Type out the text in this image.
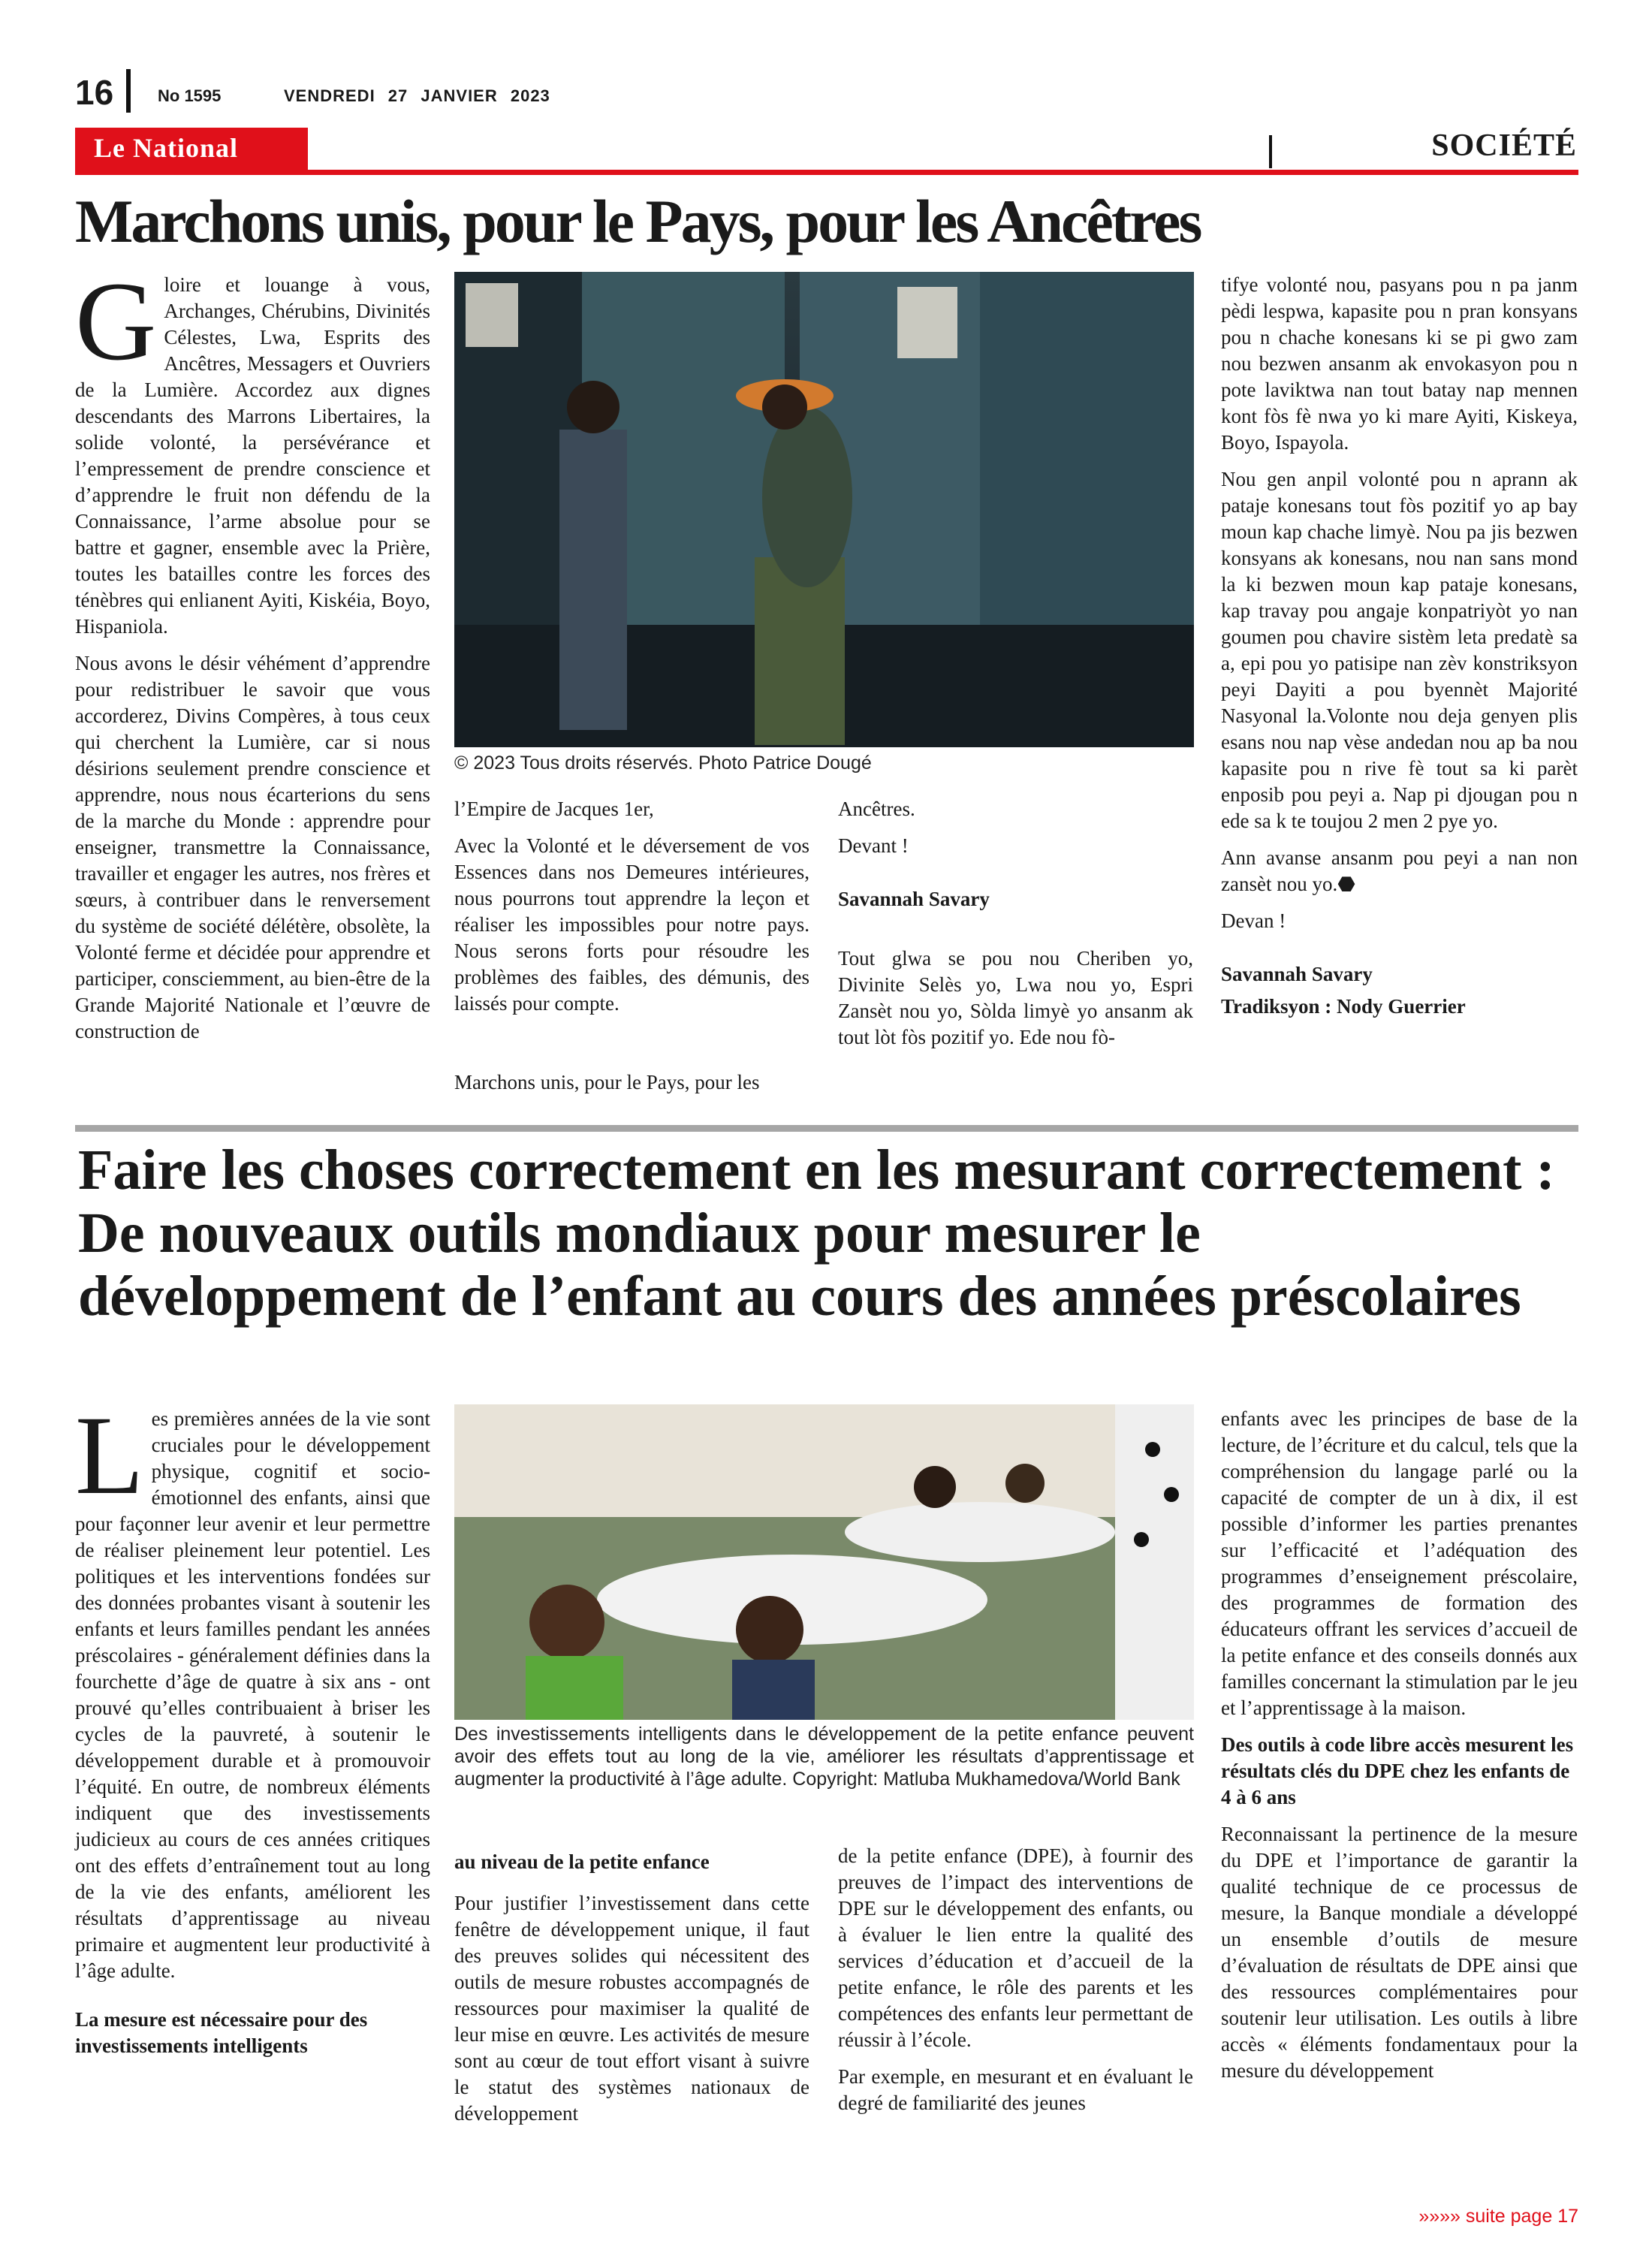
16	No 1595	VENDREDI 27 JANVIER 2023
Le National	SOCIÉTÉ
Marchons unis, pour le Pays, pour les Ancêtres

Gloire et louange à vous, Archanges, Chérubins, Divinités Célestes, Lwa, Esprits des Ancêtres, Messagers et Ouvriers de la Lumière. Accordez aux dignes descendants des Marrons Libertaires, la solide volonté, la persévérance et l’empressement de prendre conscience et d’apprendre le fruit non défendu de la Connaissance, l’arme absolue pour se battre et gagner, ensemble avec la Prière, toutes les batailles contre les forces des ténèbres qui enlianent Ayiti, Kiskéia, Boyo, Hispaniola.

Nous avons le désir véhément d’apprendre pour redistribuer le savoir que vous accorderez, Divins Compères, à tous ceux qui cherchent la Lumière, car si nous désirions seulement prendre conscience et apprendre, nous nous écarterions du sens de la marche du Monde : apprendre pour enseigner, transmettre la Connaissance, travailler et engager les autres, nos frères et sœurs, à contribuer dans le renversement du système de société délétère, obsolète, la Volonté ferme et décidée pour apprendre et participer, consciemment, au bien-être de la Grande Majorité Nationale et l’œuvre de construction de

© 2023 Tous droits réservés. Photo Patrice Dougé

l’Empire de Jacques 1er,

Avec la Volonté et le déversement de vos Essences dans nos Demeures intérieures, nous pourrons tout apprendre la leçon et réaliser les impossibles pour notre pays. Nous serons forts pour résoudre les problèmes des faibles, des démunis, des laissés pour compte.

Marchons unis, pour le Pays, pour les

Ancêtres.

Devant !

Savannah Savary

Tout glwa se pou nou Cheriben yo, Divinite Selès yo, Lwa nou yo, Espri Zansèt nou yo, Sòlda limyè yo ansanm ak tout lòt fòs pozitif yo. Ede nou fò-

tifye volonté nou, pasyans pou n pa janm pèdi lespwa, kapasite pou n pran konsyans pou n chache konesans ki se pi gwo zam nou bezwen ansanm ak envokasyon pou n pote laviktwa nan tout batay nap mennen kont fòs fè nwa yo ki mare Ayiti, Kiskeya, Boyo, Ispayola.

Nou gen anpil volonté pou n aprann ak pataje konesans tout fòs pozitif yo ap bay moun kap chache limyè. Nou pa jis bezwen konsyans ak konesans, nou nan sans mond la ki bezwen moun kap pataje konesans, kap travay pou angaje konpatriyòt yo nan goumen pou chavire sistèm leta predatè sa a, epi pou yo patisipe nan zèv konstriksyon peyi Dayiti a pou byennèt Majorité Nasyonal la.Volonte nou deja genyen plis esans nou nap vèse andedan nou ap ba nou kapasite pou n rive fè tout sa ki parèt enposib pou peyi a. Nap pi djougan pou n ede sa k te toujou 2 men 2 pye yo.

Ann avanse ansanm pou peyi a nan non zansèt nou yo.⬣

Devan !

Savannah Savary

Tradiksyon : Nody Guerrier

Faire les choses correctement en les mesurant correctement : De nouveaux outils mondiaux pour mesurer le développement de l’enfant au cours des années préscolaires

Les premières années de la vie sont cruciales pour le développement physique, cognitif et socio-émotionnel des enfants, ainsi que pour façonner leur avenir et leur permettre de réaliser pleinement leur potentiel. Les politiques et les interventions fondées sur des données probantes visant à soutenir les enfants et leurs familles pendant les années préscolaires - généralement définies dans la fourchette d’âge de quatre à six ans - ont prouvé qu’elles contribuaient à briser les cycles de la pauvreté, à soutenir le développement durable et à promouvoir l’équité. En outre, de nombreux éléments indiquent que des investissements judicieux au cours de ces années critiques ont des effets d’entraînement tout au long de la vie des enfants, améliorent les résultats d’apprentissage au niveau primaire et augmentent leur productivité à l’âge adulte.

La mesure est nécessaire pour des investissements intelligents

Des investissements intelligents dans le développement de la petite enfance peuvent avoir des effets tout au long de la vie, améliorer les résultats d’apprentissage et augmenter la productivité à l’âge adulte. Copyright: Matluba Mukhamedova/World Bank

au niveau de la petite enfance

Pour justifier l’investissement dans cette fenêtre de développement unique, il faut des preuves solides qui nécessitent des outils de mesure robustes accompagnés de ressources pour maximiser la qualité de leur mise en œuvre. Les activités de mesure sont au cœur de tout effort visant à suivre le statut des systèmes nationaux de développement

de la petite enfance (DPE), à fournir des preuves de l’impact des interventions de DPE sur le développement des enfants, ou à évaluer le lien entre la qualité des services d’éducation et d’accueil de la petite enfance, le rôle des parents et les compétences des enfants leur permettant de réussir à l’école.

Par exemple, en mesurant et en évaluant le degré de familiarité des jeunes

enfants avec les principes de base de la lecture, de l’écriture et du calcul, tels que la compréhension du langage parlé ou la capacité de compter de un à dix, il est possible d’informer les parties prenantes sur l’efficacité et l’adéquation des programmes d’enseignement préscolaire, des programmes de formation des éducateurs offrant les services d’accueil de la petite enfance et des conseils donnés aux familles concernant la stimulation par le jeu et l’apprentissage à la maison.

Des outils à code libre accès mesurent les résultats clés du DPE chez les enfants de 4 à 6 ans

Reconnaissant la pertinence de la mesure du DPE et l’importance de garantir la qualité technique de ce processus de mesure, la Banque mondiale a développé un ensemble d’outils de mesure d’évaluation de résultats de DPE ainsi que des ressources complémentaires pour soutenir leur utilisation. Les outils à libre accès « éléments fondamentaux pour la mesure du développement

»»»» suite page 17
